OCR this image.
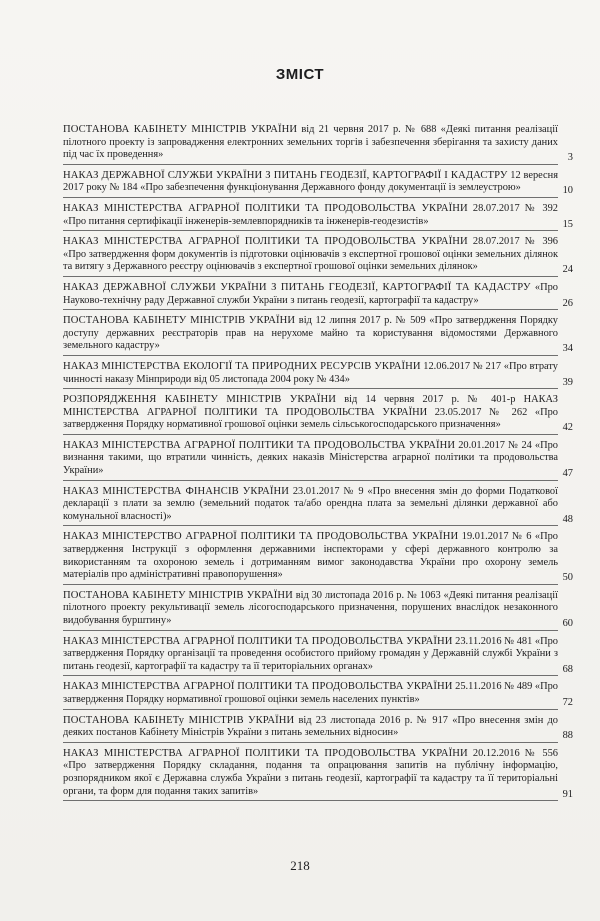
ЗМІСТ
ПОСТАНОВА КАБІНЕТУ МІНІСТРІВ УКРАЇНИ від 21 червня 2017 р. № 688 «Деякі питання реалізації пілотного проекту із запровадження електронних земельних торгів і забезпечення зберігання та захисту даних під час їх проведення»	3
НАКАЗ ДЕРЖАВНОЇ СЛУЖБИ УКРАЇНИ З ПИТАНЬ ГЕОДЕЗІЇ, КАРТОГРАФІЇ І КАДАСТРУ 12 вересня 2017 року № 184 «Про забезпечення функціонування Державного фонду документації із землеустрою»	10
НАКАЗ МІНІСТЕРСТВА АГРАРНОЇ ПОЛІТИКИ ТА ПРОДОВОЛЬСТВА УКРАЇНИ 28.07.2017 № 392 «Про питання сертифікації інженерів-землевпорядників та інженерів-геодезистів»	15
НАКАЗ МІНІСТЕРСТВА АГРАРНОЇ ПОЛІТИКИ ТА ПРОДОВОЛЬСТВА УКРАЇНИ 28.07.2017 № 396 «Про затвердження форм документів із підготовки оцінювачів з експертної грошової оцінки земельних ділянок та витягу з Державного реєстру оцінювачів з експертної грошової оцінки земельних ділянок»	24
НАКАЗ ДЕРЖАВНОЇ СЛУЖБИ УКРАЇНИ З ПИТАНЬ ГЕОДЕЗІЇ, КАРТОГРАФІЇ ТА КАДАСТРУ «Про Науково-технічну раду Державної служби України з питань геодезії, картографії та кадастру»	26
ПОСТАНОВА КАБІНЕТУ МІНІСТРІВ УКРАЇНИ від 12 липня 2017 р. № 509 «Про затвердження Порядку доступу державних реєстраторів прав на нерухоме майно та користування відомостями Державного земельного кадастру»	34
НАКАЗ МІНІСТЕРСТВА ЕКОЛОГІЇ ТА ПРИРОДНИХ РЕСУРСІВ УКРАЇНИ 12.06.2017 № 217 «Про втрату чинності наказу Мінприроди від 05 листопада 2004 року № 434»	39
РОЗПОРЯДЖЕННЯ КАБІНЕТУ МІНІСТРІВ УКРАЇНИ від 14 червня 2017 р. № 401-р НАКАЗ МІНІСТЕРСТВА АГРАРНОЇ ПОЛІТИКИ ТА ПРОДОВОЛЬСТВА УКРАЇНИ 23.05.2017 № 262 «Про затвердження Порядку нормативної грошової оцінки земель сільськогосподарського призначення»	42
НАКАЗ МІНІСТЕРСТВА АГРАРНОЇ ПОЛІТИКИ ТА ПРОДОВОЛЬСТВА УКРАЇНИ 20.01.2017 № 24 «Про визнання такими, що втратили чинність, деяких наказів Міністерства аграрної політики та продовольства України»	47
НАКАЗ МІНІСТЕРСТВА ФІНАНСІВ УКРАЇНИ 23.01.2017 № 9 «Про внесення змін до форми Податкової декларації з плати за землю (земельний податок та/або орендна плата за земельні ділянки державної або комунальної власності)»	48
НАКАЗ МІНІСТЕРСТВО АГРАРНОЇ ПОЛІТИКИ ТА ПРОДОВОЛЬСТВА УКРАЇНИ 19.01.2017 № 6 «Про затвердження Інструкції з оформлення державними інспекторами у сфері державного контролю за використанням та охороною земель і дотриманням вимог законодавства України про охорону земель матеріалів про адміністративні правопорушення»	50
ПОСТАНОВА КАБІНЕТУ МІНІСТРІВ УКРАЇНИ від 30 листопада 2016 р. № 1063 «Деякі питання реалізації пілотного проекту рекультивації земель лісогосподарського призначення, порушених внаслідок незаконного видобування бурштину»	60
НАКАЗ МІНІСТЕРСТВА АГРАРНОЇ ПОЛІТИКИ ТА ПРОДОВОЛЬСТВА УКРАЇНИ 23.11.2016 № 481 «Про затвердження Порядку організації та проведення особистого прийому громадян у Державній службі України з питань геодезії, картографії та кадастру та її територіальних органах»	68
НАКАЗ МІНІСТЕРСТВА АГРАРНОЇ ПОЛІТИКИ ТА ПРОДОВОЛЬСТВА УКРАЇНИ 25.11.2016 № 489 «Про затвердження Порядку нормативної грошової оцінки земель населених пунктів»	72
ПОСТАНОВА КАБІНЕТу МІНІСТРІВ УКРАЇНИ від 23 листопада 2016 р. № 917 «Про внесення змін до деяких постанов Кабінету Міністрів України з питань земельних відносин»	88
НАКАЗ МІНІСТЕРСТВА АГРАРНОЇ ПОЛІТИКИ ТА ПРОДОВОЛЬСТВА УКРАЇНИ 20.12.2016 № 556 «Про затвердження Порядку складання, подання та опрацювання запитів на публічну інформацію, розпорядником якої є Державна служба України з питань геодезії, картографії та кадастру та її територіальні органи, та форм для подання таких запитів»	91
218
